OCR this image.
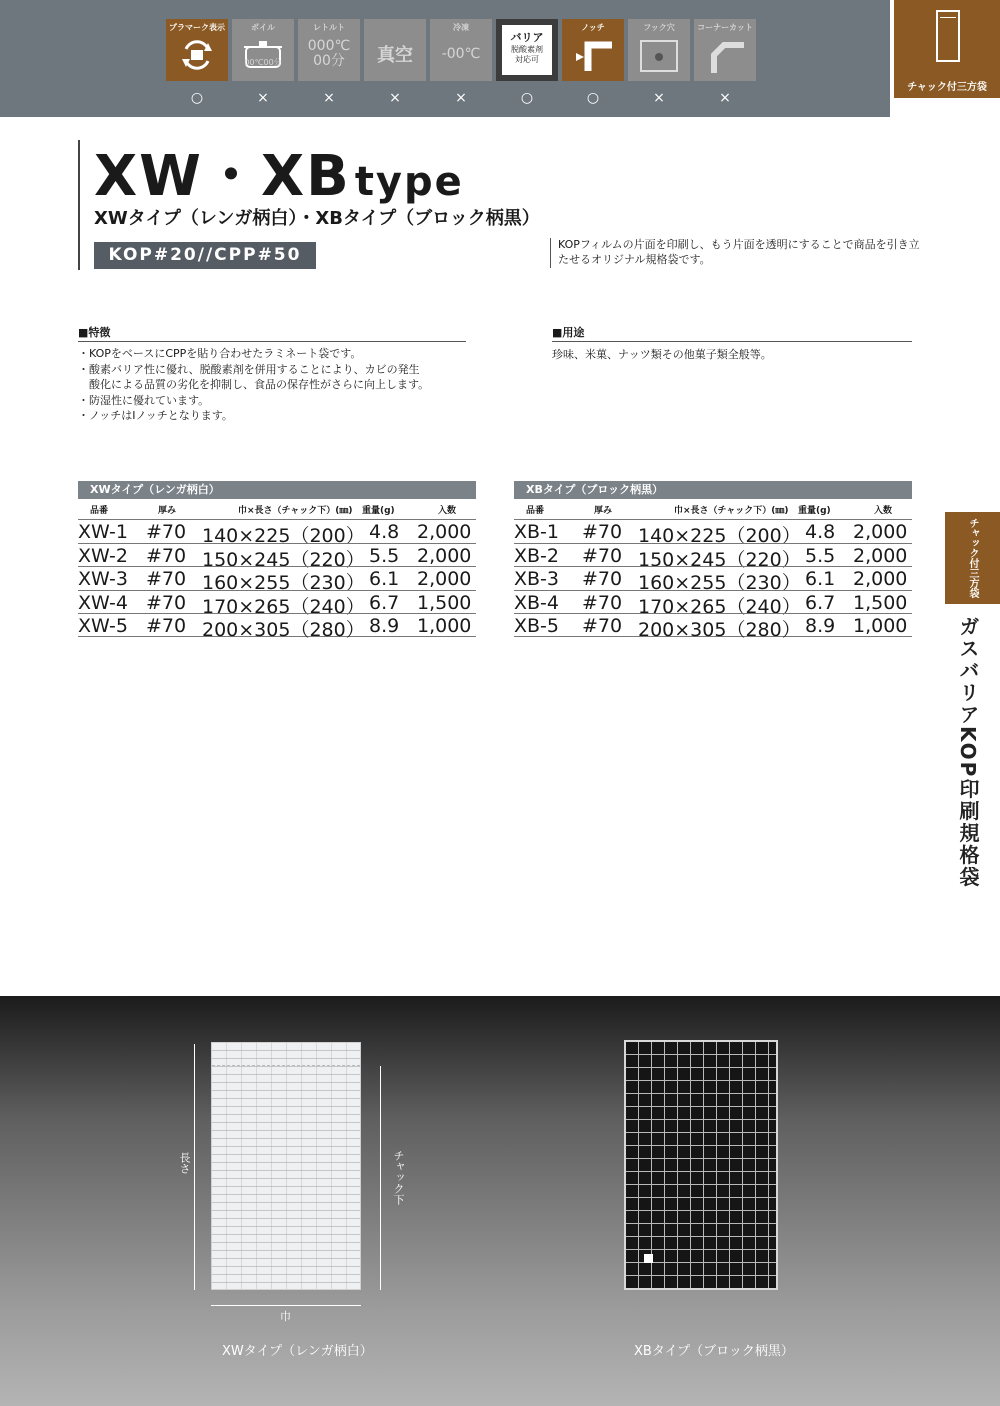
プラマーク表示	ボイル
00℃00分
レトルト
000℃
00分	真空
冷凍
-00℃
バリア
脱酸素剤
対応可
ノッチ	フック穴	コーナーカット
○	×	×	×	×	○	○	×	×
チャック付三方袋
XW・XB type
XWタイプ（レンガ柄白）・XBタイプ（ブロック柄黒）
KOP#20//CPP#50
KOPフィルムの片面を印刷し、もう片面を透明にすることで商品を引き立たせるオリジナル規格袋です。
■特徴
・KOPをベースにCPPを貼り合わせたラミネート袋です。
・酸素バリア性に優れ、脱酸素剤を併用することにより、カビの発生
　酸化による品質の劣化を抑制し、食品の保存性がさらに向上します。
・防湿性に優れています。
・ノッチはIノッチとなります。
■用途
珍味、米菓、ナッツ類その他菓子類全般等。
XWタイプ（レンガ柄白）
品番	厚み	巾×長さ（チャック下）(㎜) 重量(g)	入数
XW-1 #70 140×225（200） 4.8 2,000
XW-2 #70 150×245（220） 5.5 2,000
XW-3 #70 160×255（230） 6.1 2,000
XW-4 #70 170×265（240） 6.7 1,500
XW-5 #70 200×305（280） 8.9 1,000
XBタイプ（ブロック柄黒）
品番	厚み	巾×長さ（チャック下）(㎜) 重量(g)	入数
XB-1 #70 140×225（200） 4.8 2,000
XB-2 #70 150×245（220） 5.5 2,000
XB-3 #70 160×255（230） 6.1 2,000
XB-4 #70 170×265（240） 6.7 1,500
XB-5 #70 200×305（280） 8.9 1,000
チャック付三方袋
ガスバリアKOP印刷規格袋
長さ	チャック下
巾
XWタイプ（レンガ柄白）	XBタイプ（ブロック柄黒）
